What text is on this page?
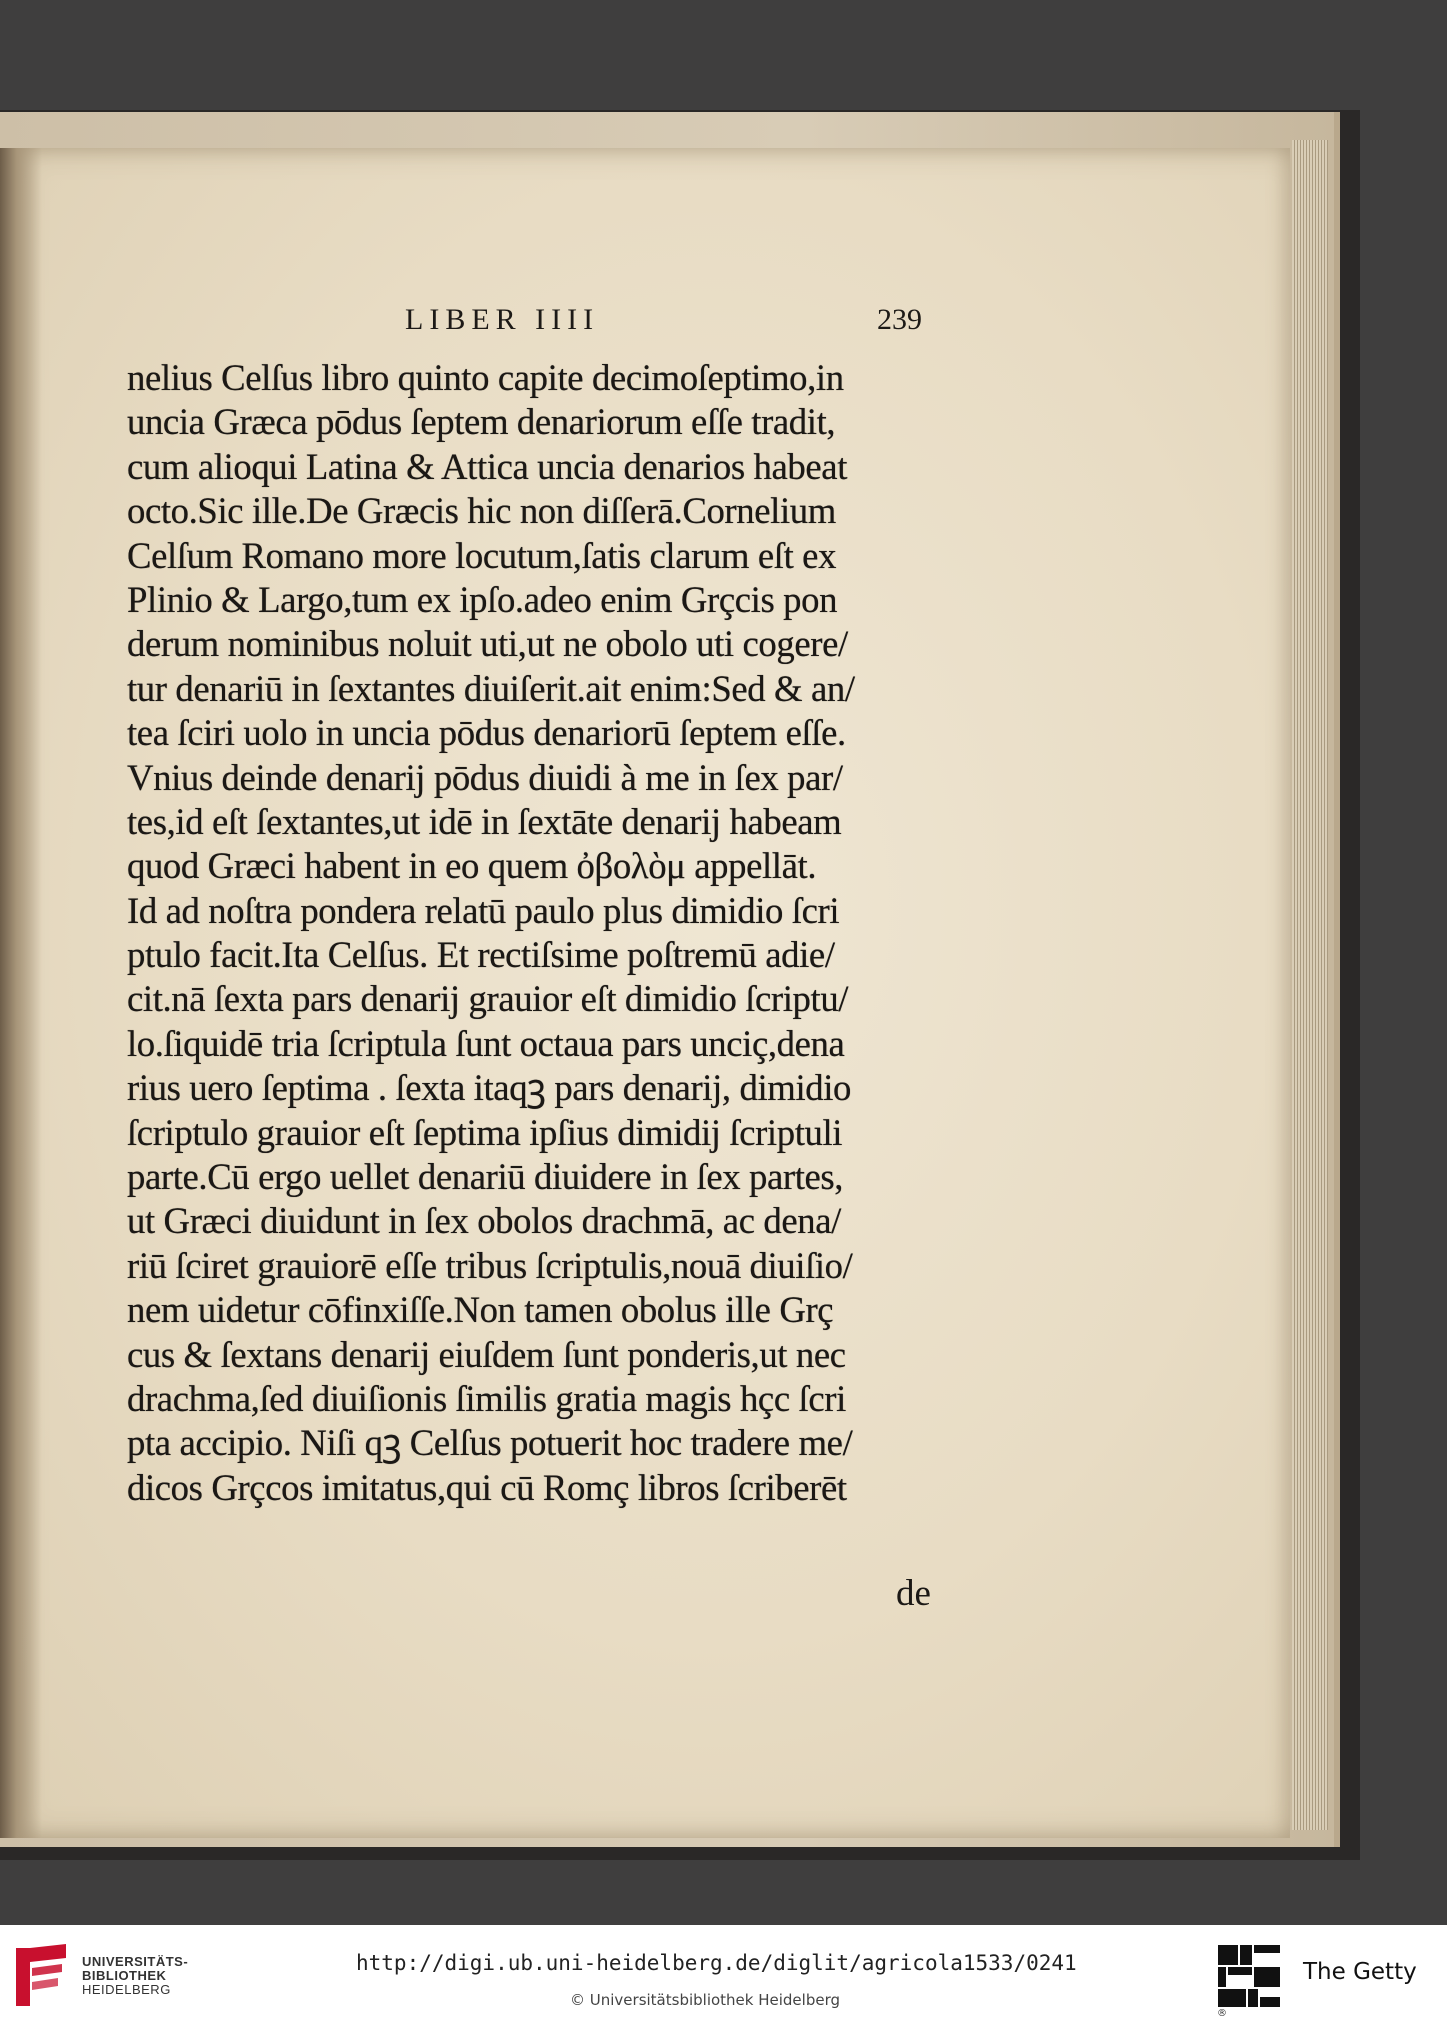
LIBER IIII	239
nelius Celſus libro quinto capite decimoſeptimo,in
uncia Græca pōdus ſeptem denariorum eſſe tradit,
cum alioqui Latina & Attica uncia denarios habeat
octo.Sic ille.De Græcis hic non diſſerā.Cornelium
Celſum Romano more locutum,ſatis clarum eſt ex
Plinio & Largo,tum ex ipſo.adeo enim Grçcis pon
derum nominibus noluit uti,ut ne obolo uti cogere/
tur denariū in ſextantes diuiſerit.ait enim:Sed & an/
tea ſciri uolo in uncia pōdus denariorū ſeptem eſſe.
Vnius deinde denarij pōdus diuidi à me in ſex par/
tes,id eſt ſextantes,ut idē in ſextāte denarij habeam
quod Græci habent in eo quem ὀβολὸμ appellāt.
Id ad noſtra pondera relatū paulo plus dimidio ſcri
ptulo facit.Ita Celſus. Et rectiſsime poſtremū adie/
cit.nā ſexta pars denarij grauior eſt dimidio ſcriptu/
lo.ſiquidē tria ſcriptula ſunt octaua pars unciç,dena
rius uero ſeptima . ſexta itaqꝫ pars denarij, dimidio
ſcriptulo grauior eſt ſeptima ipſius dimidij ſcriptuli
parte.Cū ergo uellet denariū diuidere in ſex partes,
ut Græci diuidunt in ſex obolos drachmā, ac dena/
riū ſciret grauiorē eſſe tribus ſcriptulis,nouā diuiſio/
nem uidetur cōfinxiſſe.Non tamen obolus ille Grç
cus & ſextans denarij eiuſdem ſunt ponderis,ut nec
drachma,ſed diuiſionis ſimilis gratia magis hçc ſcri
pta accipio. Niſi qꝫ Celſus potuerit hoc tradere me/
dicos Grçcos imitatus,qui cū Romç libros ſcriberēt
de
UNIVERSITÄTS-
BIBLIOTHEK
HEIDELBERG
http://digi.ub.uni-heidelberg.de/diglit/agricola1533/0241
© Universitätsbibliothek Heidelberg
®
The Getty
